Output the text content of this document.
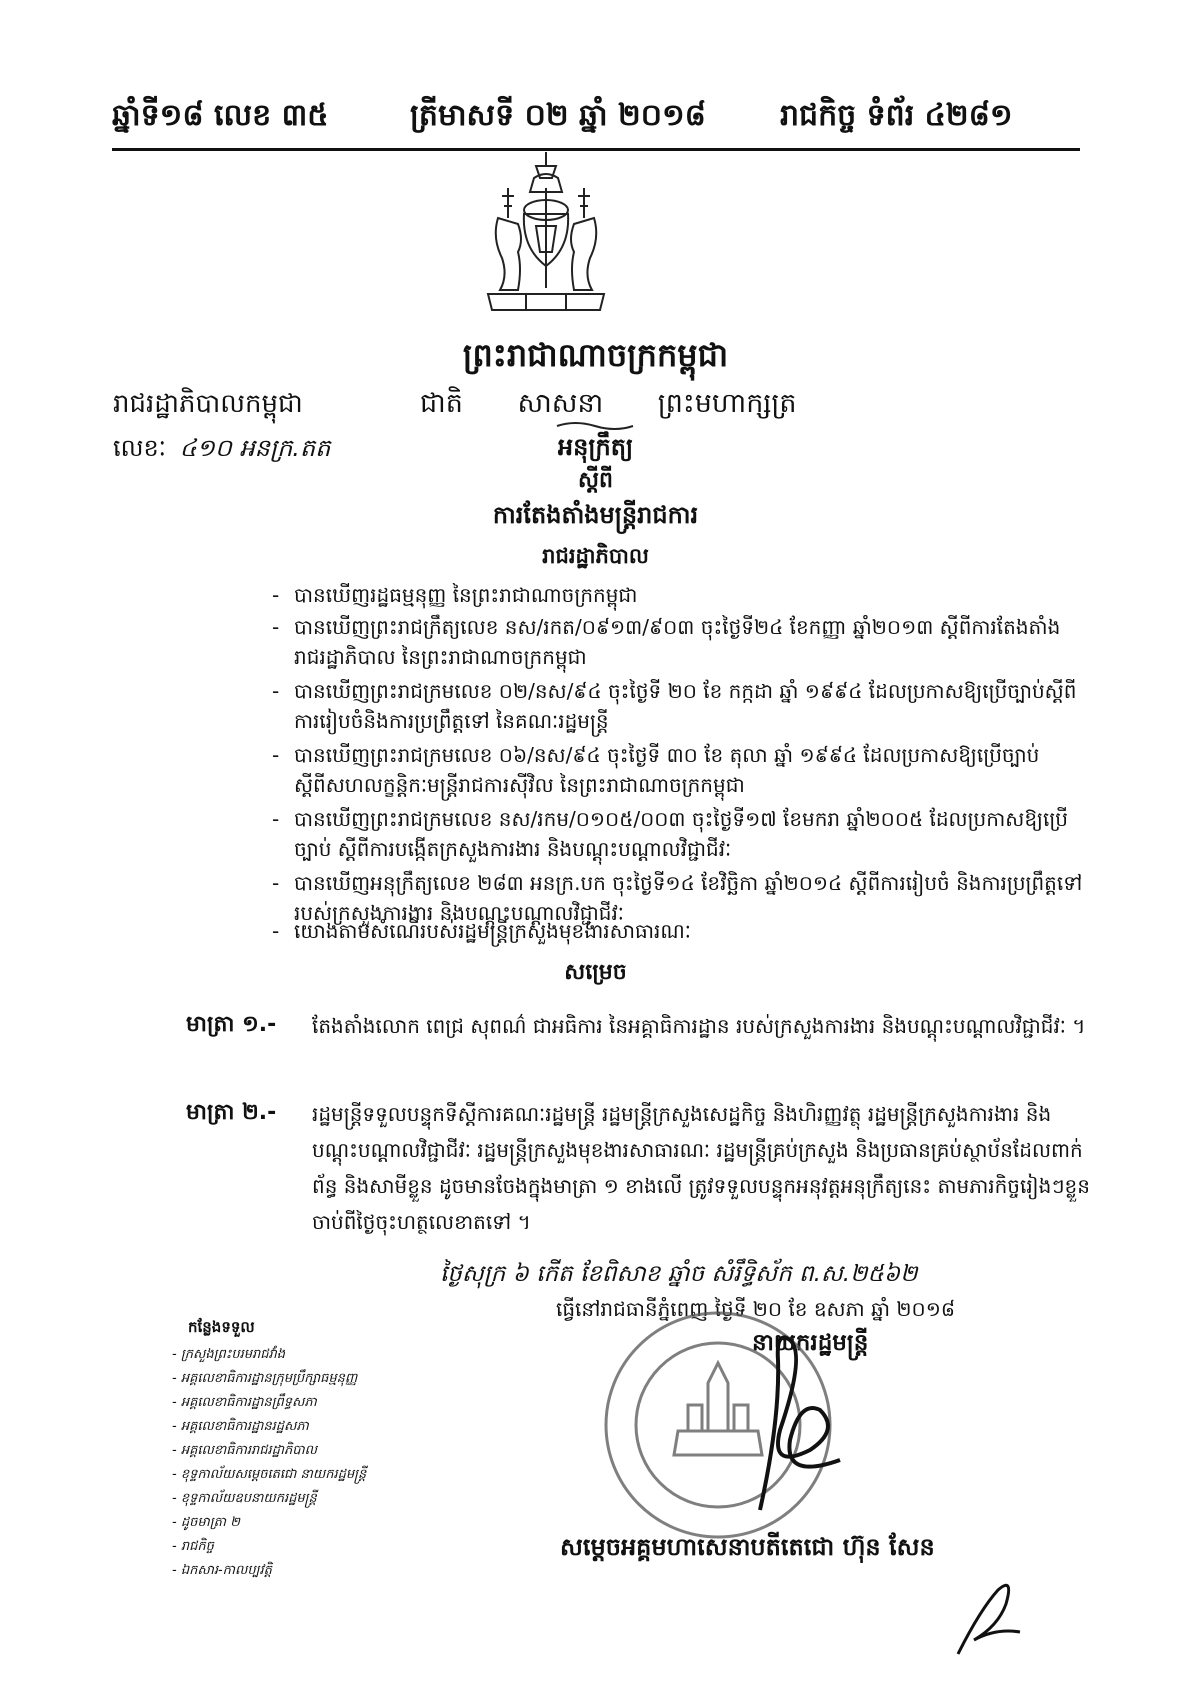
ឆ្នាំទី១៨ លេខ ៣៥	ត្រីមាសទី ០២ ឆ្នាំ ២០១៨ រាជកិច្ច ទំព័រ ៤២៨១
ព្រះរាជាណាចក្រកម្ពុជា
រាជរដ្ឋាភិបាលកម្ពុជា	ជាតិ សាសនា ព្រះមហាក្សត្រ
លេខៈ ៤១០ អនក្រ.តត	អនុក្រឹត្យ
ស្តីពី
ការតែងតាំងមន្ត្រីរាជការ
រាជរដ្ឋាភិបាល
- បានឃើញរដ្ឋធម្មនុញ្ញ នៃព្រះរាជាណាចក្រកម្ពុជា
- បានឃើញព្រះរាជក្រឹត្យលេខ នស/រកត/០៩១៣/៩០៣ ចុះថ្ងៃទី២៤ ខែកញ្ញា ឆ្នាំ២០១៣ ស្តីពីការតែងតាំងរាជរដ្ឋាភិបាល នៃព្រះរាជាណាចក្រកម្ពុជា
- បានឃើញព្រះរាជក្រមលេខ ០២/នស/៩៤ ចុះថ្ងៃទី ២០ ខែ កក្កដា ឆ្នាំ ១៩៩៤ ដែលប្រកាសឱ្យប្រើច្បាប់ស្តីពីការរៀបចំនិងការប្រព្រឹត្តទៅ នៃគណៈរដ្ឋមន្ត្រី
- បានឃើញព្រះរាជក្រមលេខ ០៦/នស/៩៤ ចុះថ្ងៃទី ៣០ ខែ តុលា ឆ្នាំ ១៩៩៤ ដែលប្រកាសឱ្យប្រើច្បាប់ ស្តីពីសហលក្ខន្តិកៈមន្ត្រីរាជការស៊ីវិល នៃព្រះរាជាណាចក្រកម្ពុជា
- បានឃើញព្រះរាជក្រមលេខ នស/រកម/០១០៥/០០៣ ចុះថ្ងៃទី១៧ ខែមករា ឆ្នាំ២០០៥ ដែលប្រកាសឱ្យប្រើច្បាប់ ស្តីពីការបង្កើតក្រសួងការងារ និងបណ្តុះបណ្តាលវិជ្ជាជីវៈ
- បានឃើញអនុក្រឹត្យលេខ ២៨៣ អនក្រ.បក ចុះថ្ងៃទី១៤ ខែវិច្ឆិកា ឆ្នាំ២០១៤ ស្តីពីការរៀបចំ និងការប្រព្រឹត្តទៅរបស់ក្រសួងការងារ និងបណ្តុះបណ្តាលវិជ្ជាជីវៈ
- យោងតាមសំណើរបស់រដ្ឋមន្ត្រីក្រសួងមុខងារសាធារណៈ
សម្រេច
មាត្រា ១.- តែងតាំងលោក ពេជ្រ សុពណ៌ ជាអធិការ នៃអគ្គាធិការដ្ឋាន របស់ក្រសួងការងារ និងបណ្តុះបណ្តាលវិជ្ជាជីវៈ ។
មាត្រា ២.- រដ្ឋមន្ត្រីទទួលបន្ទុកទីស្តីការគណៈរដ្ឋមន្ត្រី រដ្ឋមន្ត្រីក្រសួងសេដ្ឋកិច្ច និងហិរញ្ញវត្ថុ រដ្ឋមន្ត្រីក្រសួងការងារ និងបណ្តុះបណ្តាលវិជ្ជាជីវៈ រដ្ឋមន្ត្រីក្រសួងមុខងារសាធារណៈ រដ្ឋមន្ត្រីគ្រប់ក្រសួង និងប្រធានគ្រប់ស្ថាប័នដែលពាក់ព័ន្ធ និងសាមីខ្លួន ដូចមានចែងក្នុងមាត្រា ១ ខាងលើ ត្រូវទទួលបន្ទុកអនុវត្តអនុក្រឹត្យនេះ តាមភារកិច្ចរៀងៗខ្លួន ចាប់ពីថ្ងៃចុះហត្ថលេខាតទៅ ។
ថ្ងៃសុក្រ ៦ កើត ខែពិសាខ ឆ្នាំច សំរឹទ្ធិស័ក ព.ស.២៥៦២
ធ្វើនៅរាជធានីភ្នំពេញ ថ្ងៃទី ២០ ខែ ឧសភា ឆ្នាំ ២០១៨
នាយករដ្ឋមន្ត្រី
សម្តេចអគ្គមហាសេនាបតីតេជោ ហ៊ុន សែន
កន្លែងទទួល
- ក្រសួងព្រះបរមរាជវាំង
- អគ្គលេខាធិការដ្ឋានក្រុមប្រឹក្សាធម្មនុញ្ញ
- អគ្គលេខាធិការដ្ឋានព្រឹទ្ធសភា
- អគ្គលេខាធិការដ្ឋានរដ្ឋសភា
- អគ្គលេខាធិការរាជរដ្ឋាភិបាល
- ខុទ្ទកាល័យសម្តេចតេជោ នាយករដ្ឋមន្ត្រី
- ខុទ្ទកាល័យឧបនាយករដ្ឋមន្ត្រី
- ដូចមាត្រា ២
- រាជកិច្ច
- ឯកសារ-កាលប្បវត្តិ
